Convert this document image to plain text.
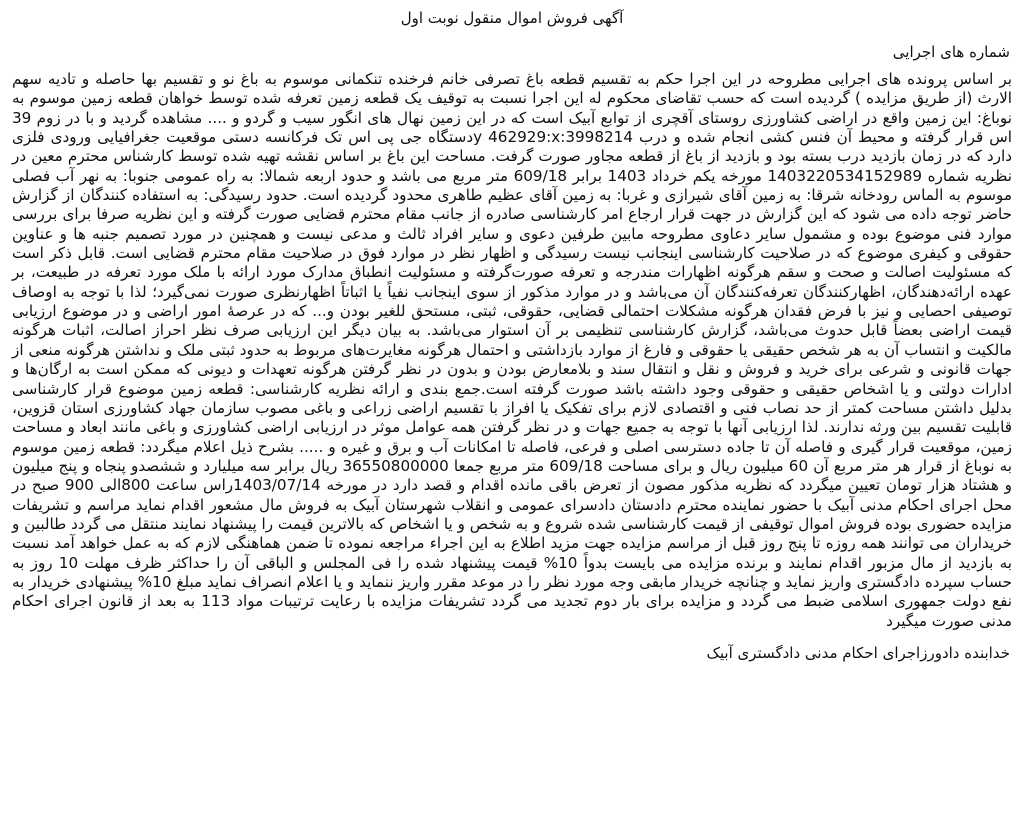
آگهی فروش اموال منقول نوبت اول
شماره های اجرایی

بر اساس پرونده های اجرایی مطروحه در این اجرا حکم به تقسیم قطعه باغ تصرفی خانم فرخنده تنکمانی موسوم به باغ نو و تقسیم بها حاصله و تادیه سهم الارث (از طریق مزایده ) گردیده است که حسب تقاضای محکوم له این اجرا نسبت به توقیف یک قطعه زمین تعرفه شده توسط خواهان قطعه زمین موسوم به نوباغ: این زمین واقع در اراضی کشاورزی روستای آقچری از توابع آبیک است که در این زمین نهال های انگور سیب و گردو و .... مشاهده گردید و با در زوم 39 اس قرار گرفته و محیط آن فنس کشی انجام شده و درب 3998214:y 462929:xدستگاه جی پی اس تک فرکانسه دستی موقعیت جغرافیایی ورودی فلزی دارد که در زمان بازدید درب بسته بود و بازدید از باغ از قطعه مجاور صورت گرفت. مساحت این باغ بر اساس نقشه تهیه شده توسط کارشناس محترم معین در نظریه شماره 140322053415298‬9 مورخه یکم خرداد 1403 برابر 609/18 متر مربع می باشد و حدود اربعه شمالا: به راه عمومی جنوبا: به نهر آب فصلی موسوم به الماس رودخانه شرقا: به زمین آقای شیرازی و غربا: به زمین آقای عظیم طاهری محدود گردیده است. حدود رسیدگی: به استفاده کنندگان از گزارش حاضر توجه داده می شود که این گزارش در جهت قرار ارجاع امر کارشناسی صادره از جانب مقام محترم قضایی صورت گرفته و این نظریه صرفا برای بررسی موارد فنی موضوع بوده و مشمول سایر دعاوی مطروحه مابین طرفین دعوی و سایر افراد ثالث و مدعی نیست و همچنین در مورد تصمیم جنبه ها و عناوین حقوقی و کیفری موضوع که در صلاحیت کارشناسی اینجانب نیست رسیدگی و اظهار نظر در موارد فوق در صلاحیت مقام محترم قضایی است. قابل ذکر است که مسئولیت اصالت و صحت و سقم هرگونه اظهارات مندرجه و تعرفه صورت‌گرفته و مسئولیت انطباق مدارک مورد ارائه با ملک مورد تعرفه در طبیعت، بر عهده ارائه‌دهندگان، اظهارکنندگان تعرفه‌کنندگان آن می‌باشد و در موارد مذکور از سوی اینجانب نفیاً یا اثباتاً اظهارنظری صورت نمی‌گیرد؛ لذا با توجه به اوصاف توصیفی احصایی و نیز با فرض فقدان هرگونه مشکلات احتمالی قضایی، حقوقی، ثبتی، مستحق للغیر بودن و... که در عرصهٔ امور اراضی و در موضوع ارزیابی قیمت اراضی بعضاً قابل حدوث می‌باشد، گزارش کارشناسی تنظیمی بر آن استوار می‌باشد. به بیان دیگر این ارزیابی صرف نظر احراز اصالت، اثبات هرگونه مالکیت و انتساب آن به هر شخص حقیقی یا حقوقی و فارغ از موارد بازداشتی و احتمال هرگونه مغایرت‌های مربوط به حدود ثبتی ملک و نداشتن هرگونه منعی از جهات قانونی و شرعی برای خرید و فروش و نقل و انتقال سند و بلامعارض بودن و بدون در نظر گرفتن هرگونه تعهدات و دیونی که ممکن است به ارگان‌ها و ادارات دولتی و یا اشخاص حقیقی و حقوقی وجود داشته باشد صورت گرفته است.جمع بندی و ارائه نظریه کارشناسی: قطعه زمین موضوع قرار کارشناسی بدلیل داشتن مساحت کمتر از حد نصاب فنی و اقتصادی لازم برای تفکیک یا افراز با تقسیم اراضی زراعی و باغی مصوب سازمان جهاد کشاورزی استان قزوین، قابلیت تقسیم بین ورثه ندارند. لذا ارزیابی آنها با توجه به جمیع جهات و در نظر گرفتن همه عوامل موثر در ارزیابی اراضی کشاورزی و باغی مانند ابعاد و مساحت زمین، موقعیت قرار گیری و فاصله آن تا جاده دسترسی اصلی و فرعی، فاصله تا امکانات آب و برق و غیره و ..... بشرح ذیل اعلام میگردد: قطعه زمین موسوم به نوباغ از قرار هر متر مربع آن 60 میلیون ریال و برای مساحت 609/18 متر مربع جمعا 36550800000 ریال برابر سه میلیارد و ششصدو پنجاه و پنج میلیون و هشتاد هزار تومان تعیین میگردد که نظریه مذکور مصون از تعرض باقی مانده اقدام و قصد دارد در مورخه 1403/07/14راس ساعت 800الی 900 صبح در محل اجرای احکام مدنی آبیک با حضور نماینده محترم دادستان دادسرای عمومی و انقلاب شهرستان آبیک به فروش مال مشعور اقدام نماید مراسم و تشریفات مزایده حضوری بوده فروش اموال توقیفی از قیمت کارشناسی شده شروع و به شخص و یا اشخاص که بالاترین قیمت را پیشنهاد نمایند منتقل می گردد طالبین و خریداران می توانند همه روزه تا پنج روز قبل از مراسم مزایده جهت مزید اطلاع به این اجراء مراجعه نموده تا ضمن هماهنگی لازم که به عمل خواهد آمد نسبت به بازدید از مال مزبور اقدام نمایند و برنده مزایده می بایست بدواً 10% قیمت پیشنهاد شده را فی المجلس و الباقی آن را حداکثر ظرف مهلت 10 روز به حساب سپرده دادگستری واریز نماید و چنانچه خریدار مابقی وجه مورد نظر را در موعد مقرر واریز ننماید و یا اعلام انصراف نماید مبلغ 10% پیشنهادی خریدار به نفع دولت جمهوری اسلامی ضبط می گردد و مزایده برای بار دوم تجدید می گردد تشریفات مزایده با رعایت ترتیبات مواد 113 به بعد از قانون اجرای احکام مدنی صورت میگیرد

خدابنده دادورزاجرای احکام مدنی دادگستری آبیک
